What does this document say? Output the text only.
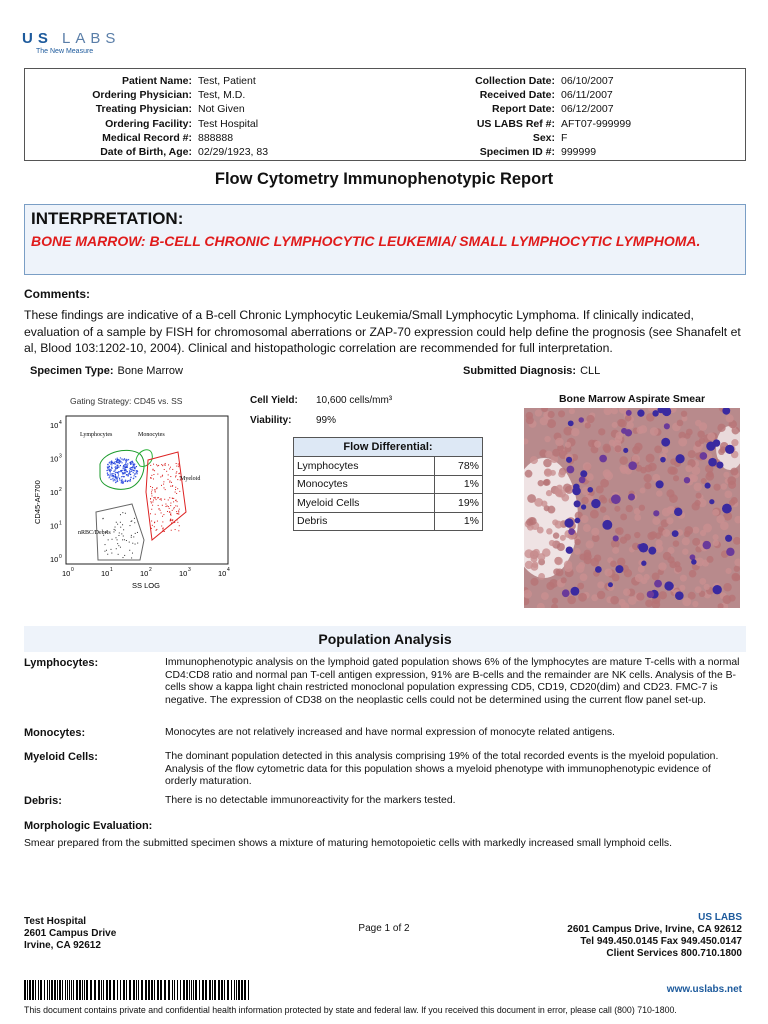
US LABS
The New Measure
Patient Name: Test, Patient
Ordering Physician: Test, M.D.
Treating Physician: Not Given
Ordering Facility: Test Hospital
Medical Record #: 888888
Date of Birth, Age: 02/29/1923, 83
Collection Date: 06/10/2007
Received Date: 06/11/2007
Report Date: 06/12/2007
US LABS Ref #: AFT07-999999
Sex: F
Specimen ID #: 999999
Flow Cytometry Immunophenotypic Report
INTERPRETATION:
BONE MARROW: B-CELL CHRONIC LYMPHOCYTIC LEUKEMIA/ SMALL LYMPHOCYTIC LYMPHOMA.
Comments:
These findings are indicative of a B-cell Chronic Lymphocytic Leukemia/Small Lymphocytic Lymphoma. If clinically indicated, evaluation of a sample by FISH for chromosomal aberrations or ZAP-70 expression could help define the prognosis (see Shanafelt et al, Blood 103:1202-10, 2004). Clinical and histopathologic correlation are recommended for full interpretation.
Specimen Type: Bone Marrow	Submitted Diagnosis: CLL
Gating Strategy: CD45 vs. SS
Lymphocytes	Monocytes
Myeloid
nRBC/Debris
CD45-AF700
SS LOG
10 4
10 3
10 2
10 1
10 0
10 0	10 1	10 2	10 3	10 4
Cell Yield:	10,600 cells/mm³
Viability:	99%
Flow Differential:	
Lymphocytes	78%
Monocytes	1%
Myeloid Cells	19%
Debris	1%
Bone Marrow Aspirate Smear
Population Analysis
Lymphocytes:	Immunophenotypic analysis on the lymphoid gated population shows 6% of the lymphocytes are mature T-cells with a normal CD4:CD8 ratio and normal pan T-cell antigen expression, 91% are B-cells and the remainder are NK cells. Analysis of the B-cells show a kappa light chain restricted monoclonal population expressing CD5, CD19, CD20(dim) and CD23. FMC-7 is negative. The expression of CD38 on the neoplastic cells could not be determined using the current flow panel set-up.
Monocytes:	Monocytes are not relatively increased and have normal expression of monocyte related antigens.
Myeloid Cells:	The dominant population detected in this analysis comprising 19% of the total recorded events is the myeloid population. Analysis of the flow cytometric data for this population shows a myeloid phenotype with immunophenotypic evidence of orderly maturation.
Debris:	There is no detectable immunoreactivity for the markers tested.
Morphologic Evaluation:
Smear prepared from the submitted specimen shows a mixture of maturing hemotopoietic cells with markedly increased small lymphoid cells.
Test Hospital
2601 Campus Drive
Irvine, CA 92612
Page 1 of 2
US LABS
2601 Campus Drive, Irvine, CA 92612
Tel 949.450.0145 Fax 949.450.0147
Client Services 800.710.1800
www.uslabs.net
This document contains private and confidential health information protected by state and federal law. If you received this document in error, please call (800) 710-1800.
